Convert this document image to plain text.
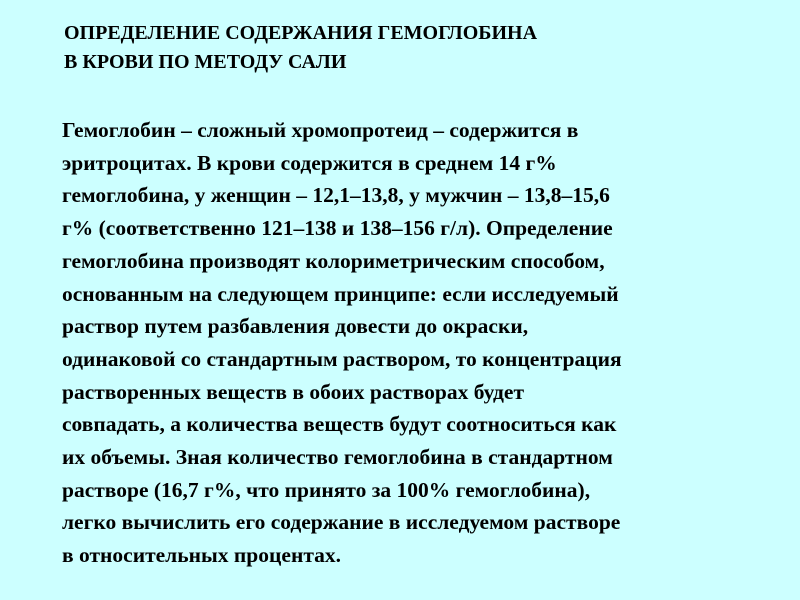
ОПРЕДЕЛЕНИЕ СОДЕРЖАНИЯ ГЕМОГЛОБИНА
В КРОВИ ПО МЕТОДУ САЛИ
Гемоглобин – сложный хромопротеид – содержится в
эритроцитах. В крови содержится в среднем 14 г%
гемоглобина, у женщин – 12,1–13,8, у мужчин – 13,8–15,6
г% (соответственно 121–138 и 138–156 г/л). Определение
гемоглобина производят колориметрическим способом,
основанным на следующем принципе: если исследуемый
раствор путем разбавления довести до окраски,
одинаковой со стандартным раствором, то концентрация
растворенных веществ в обоих растворах будет
совпадать, а количества веществ будут соотноситься как
их объемы. Зная количество гемоглобина в стандартном
растворе (16,7 г%, что принято за 100% гемоглобина),
легко вычислить его содержание в исследуемом растворе
в относительных процентах.
